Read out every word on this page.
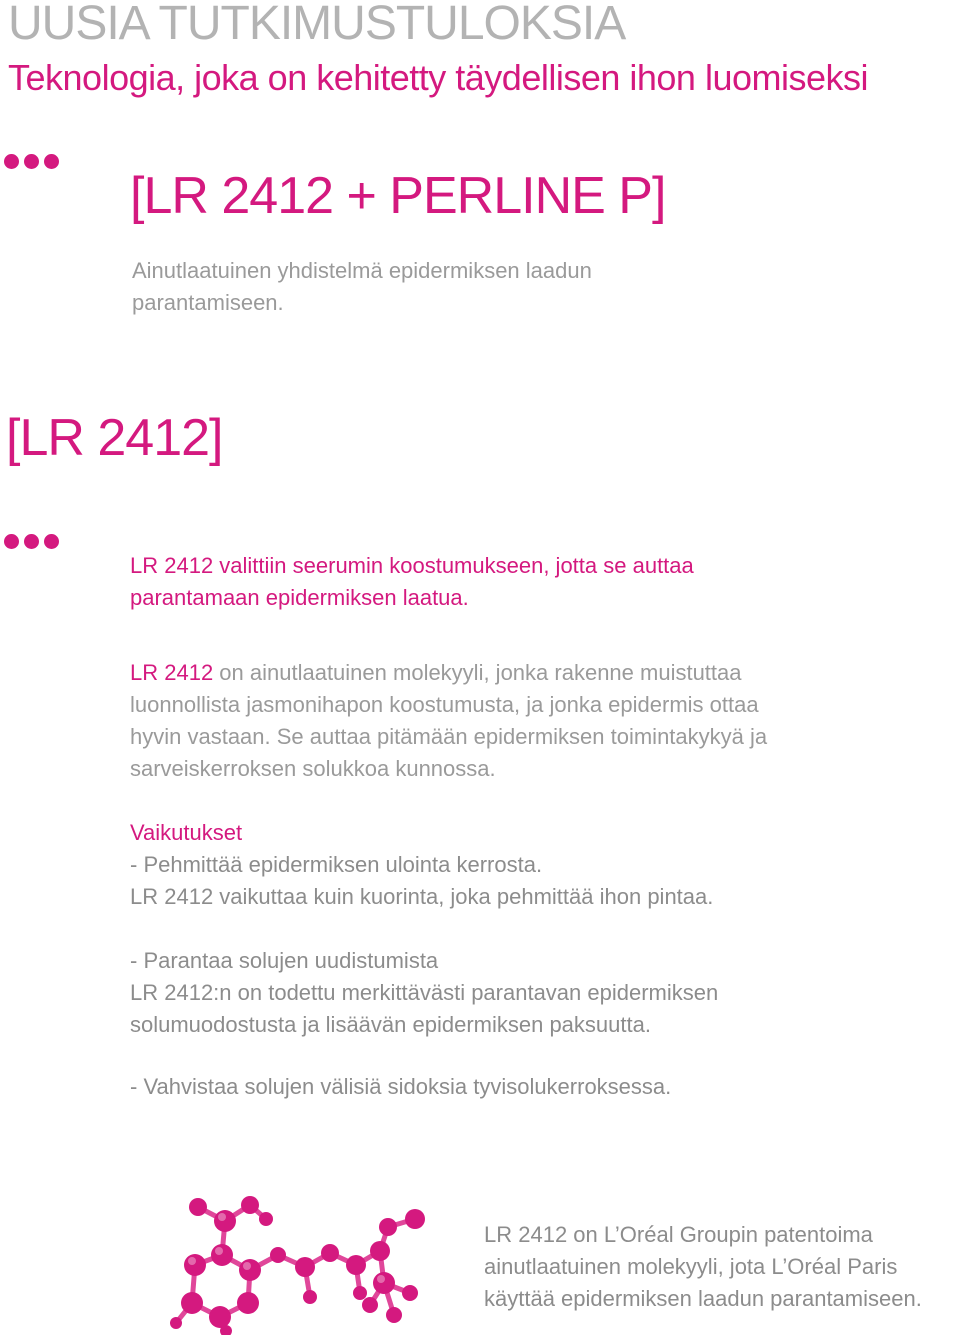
UUSIA TUTKIMUSTULOKSIA
Teknologia, joka on kehitetty täydellisen ihon luomiseksi
[LR 2412 + PERLINE P]
Ainutlaatuinen yhdistelmä epidermiksen laadun
parantamiseen.
[LR 2412]
LR 2412 valittiin seerumin koostumukseen, jotta se auttaa
parantamaan epidermiksen laatua.
LR 2412 on ainutlaatuinen molekyyli, jonka rakenne muistuttaa
luonnollista jasmonihapon koostumusta, ja jonka epidermis ottaa
hyvin vastaan. Se auttaa pitämään epidermiksen toimintakykyä ja
sarveiskerroksen solukkoa kunnossa.
Vaikutukset
- Pehmittää epidermiksen ulointa kerrosta.
LR 2412 vaikuttaa kuin kuorinta, joka pehmittää ihon pintaa.
- Parantaa solujen uudistumista
LR 2412:n on todettu merkittävästi parantavan epidermiksen
solumuodostusta ja lisäävän epidermiksen paksuutta.
- Vahvistaa solujen välisiä sidoksia tyvisolukerroksessa.
LR 2412 on L’Oréal Groupin patentoima
ainutlaatuinen molekyyli, jota L’Oréal Paris
käyttää epidermiksen laadun parantamiseen.
